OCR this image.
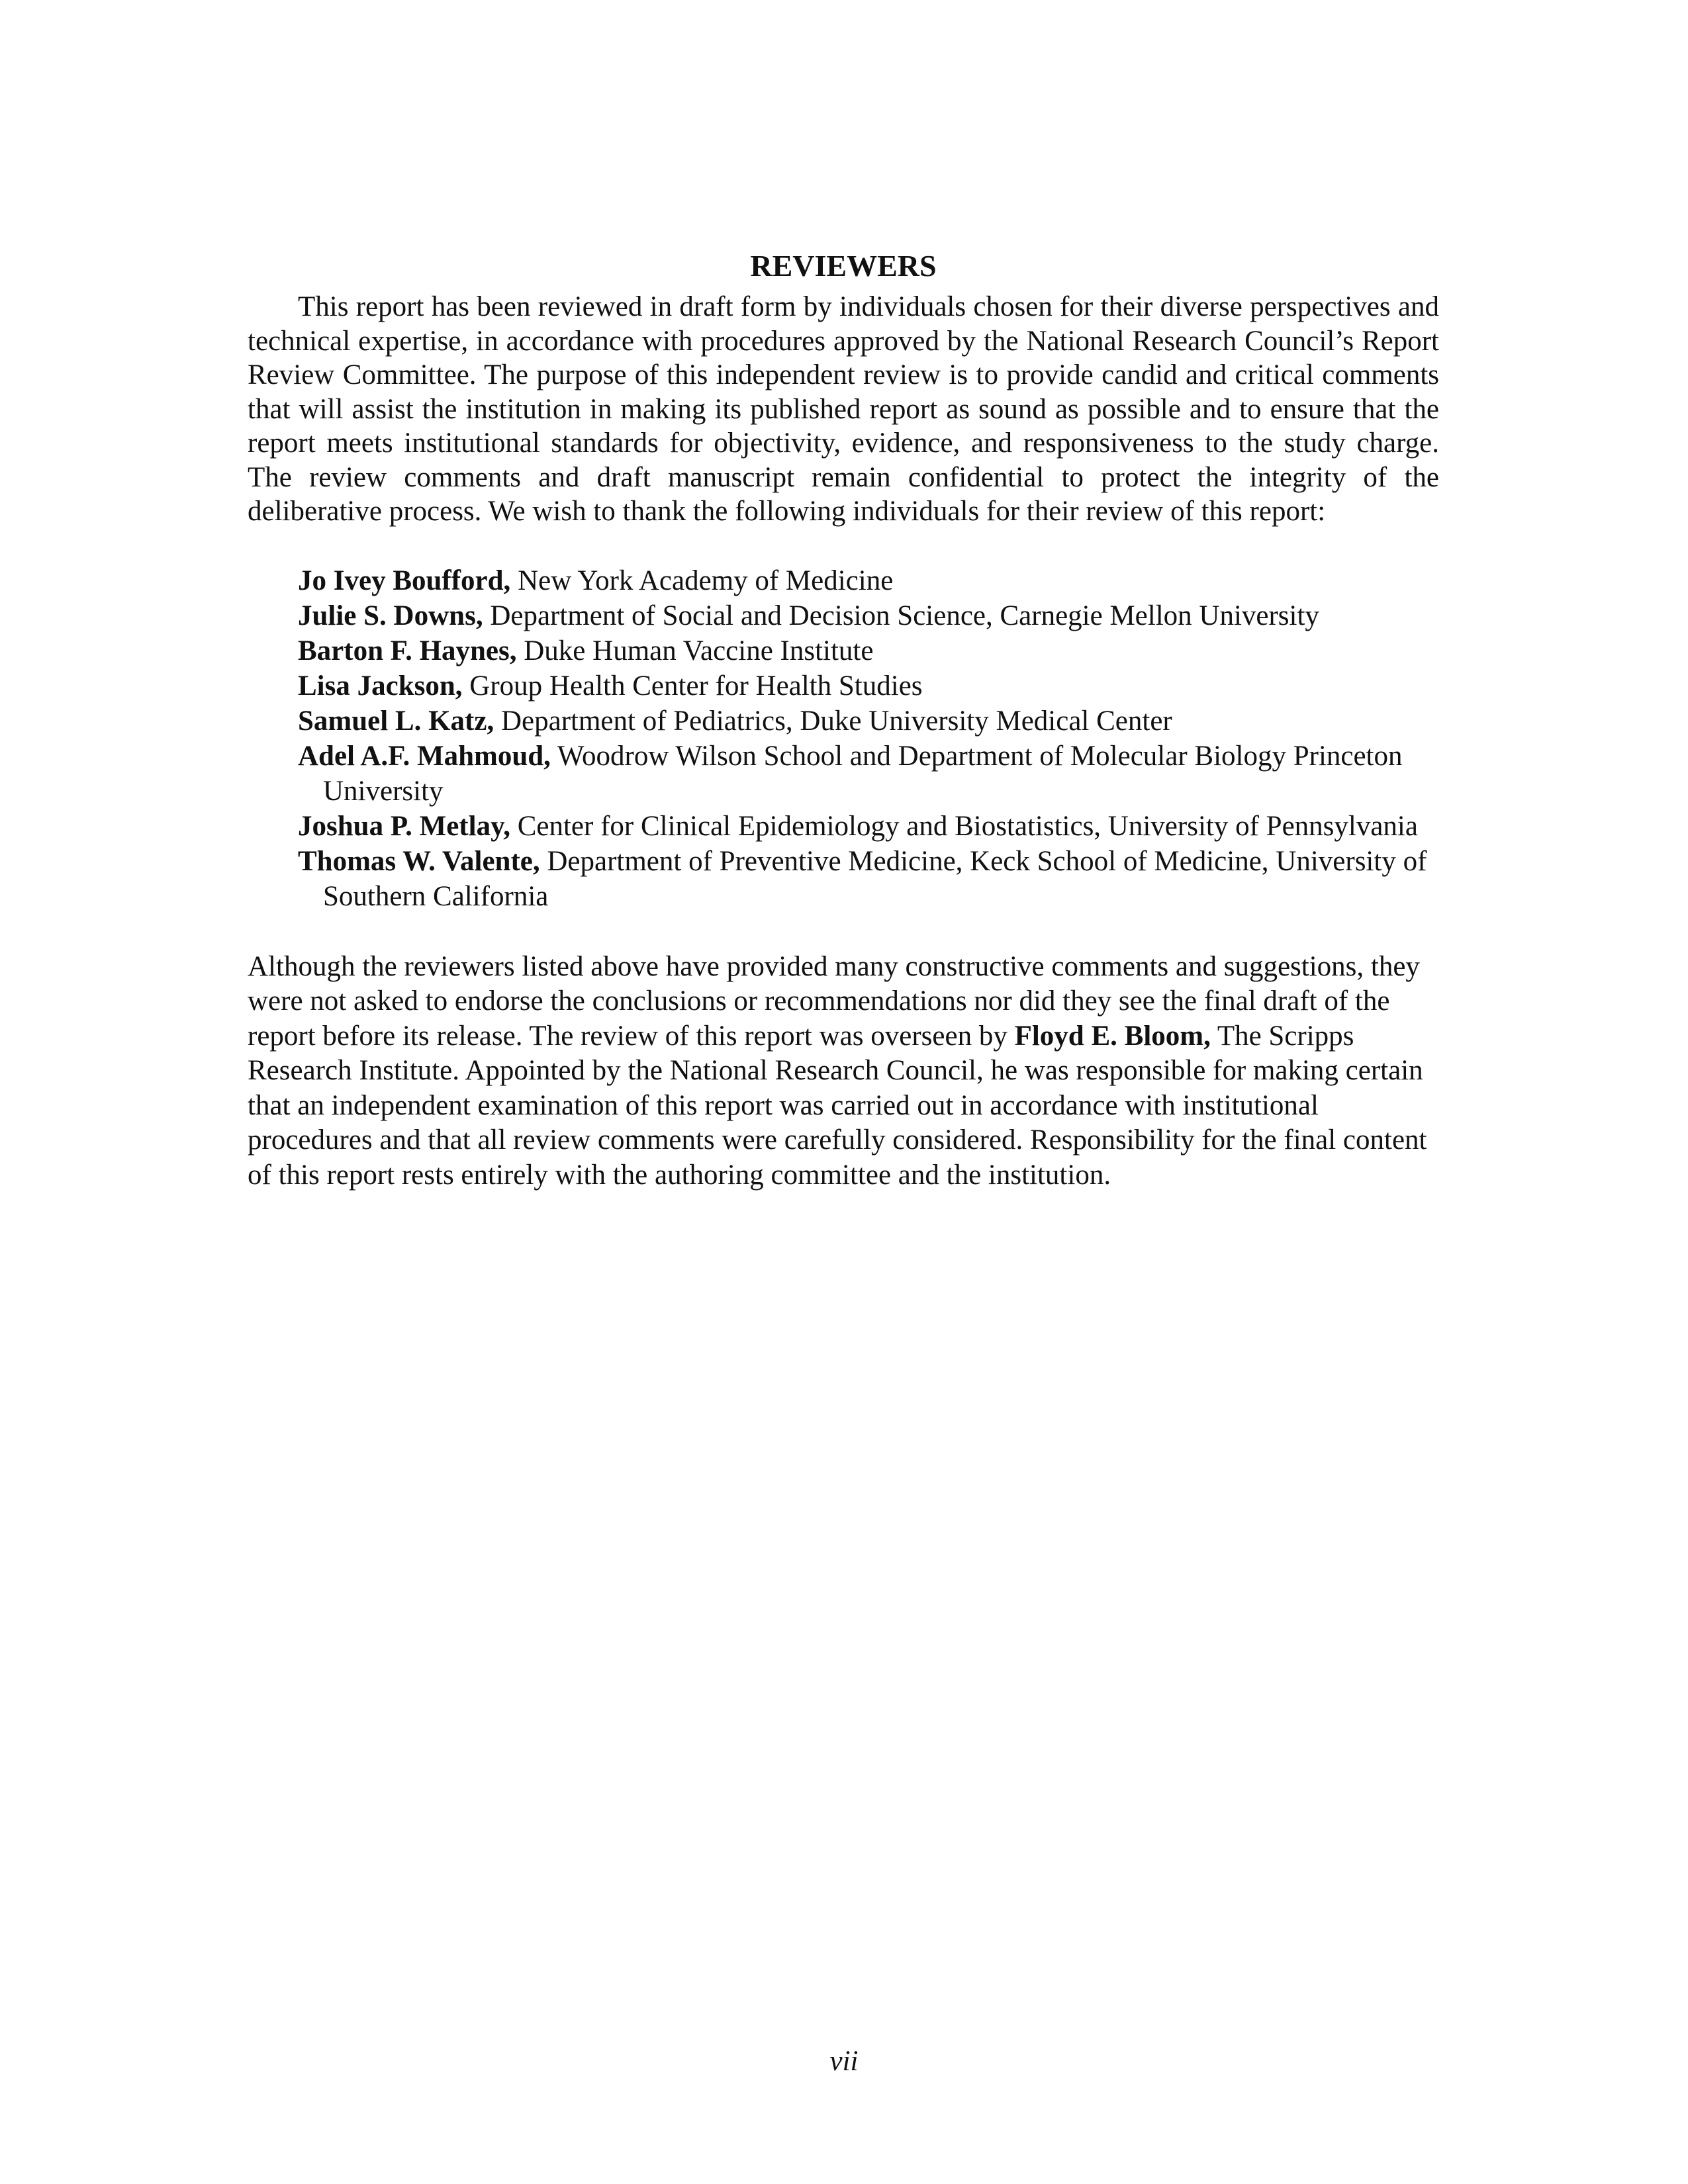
REVIEWERS

This report has been reviewed in draft form by individuals chosen for their diverse perspectives and technical expertise, in accordance with procedures approved by the National Research Council’s Report Review Committee. The purpose of this independent review is to provide candid and critical comments that will assist the institution in making its published report as sound as possible and to ensure that the report meets institutional standards for objectivity, evidence, and responsiveness to the study charge. The review comments and draft manuscript remain confidential to protect the integrity of the deliberative process. We wish to thank the following individuals for their review of this report:

Jo Ivey Boufford, New York Academy of Medicine
Julie S. Downs, Department of Social and Decision Science, Carnegie Mellon University
Barton F. Haynes, Duke Human Vaccine Institute
Lisa Jackson, Group Health Center for Health Studies
Samuel L. Katz, Department of Pediatrics, Duke University Medical Center
Adel A.F. Mahmoud, Woodrow Wilson School and Department of Molecular Biology Princeton University
Joshua P. Metlay, Center for Clinical Epidemiology and Biostatistics, University of Pennsylvania
Thomas W. Valente, Department of Preventive Medicine, Keck School of Medicine, University of Southern California

Although the reviewers listed above have provided many constructive comments and suggestions, they were not asked to endorse the conclusions or recommendations nor did they see the final draft of the report before its release. The review of this report was overseen by Floyd E. Bloom, The Scripps Research Institute. Appointed by the National Research Council, he was responsible for making certain that an independent examination of this report was carried out in accordance with institutional procedures and that all review comments were carefully considered. Responsibility for the final content of this report rests entirely with the authoring committee and the institution.

vii
